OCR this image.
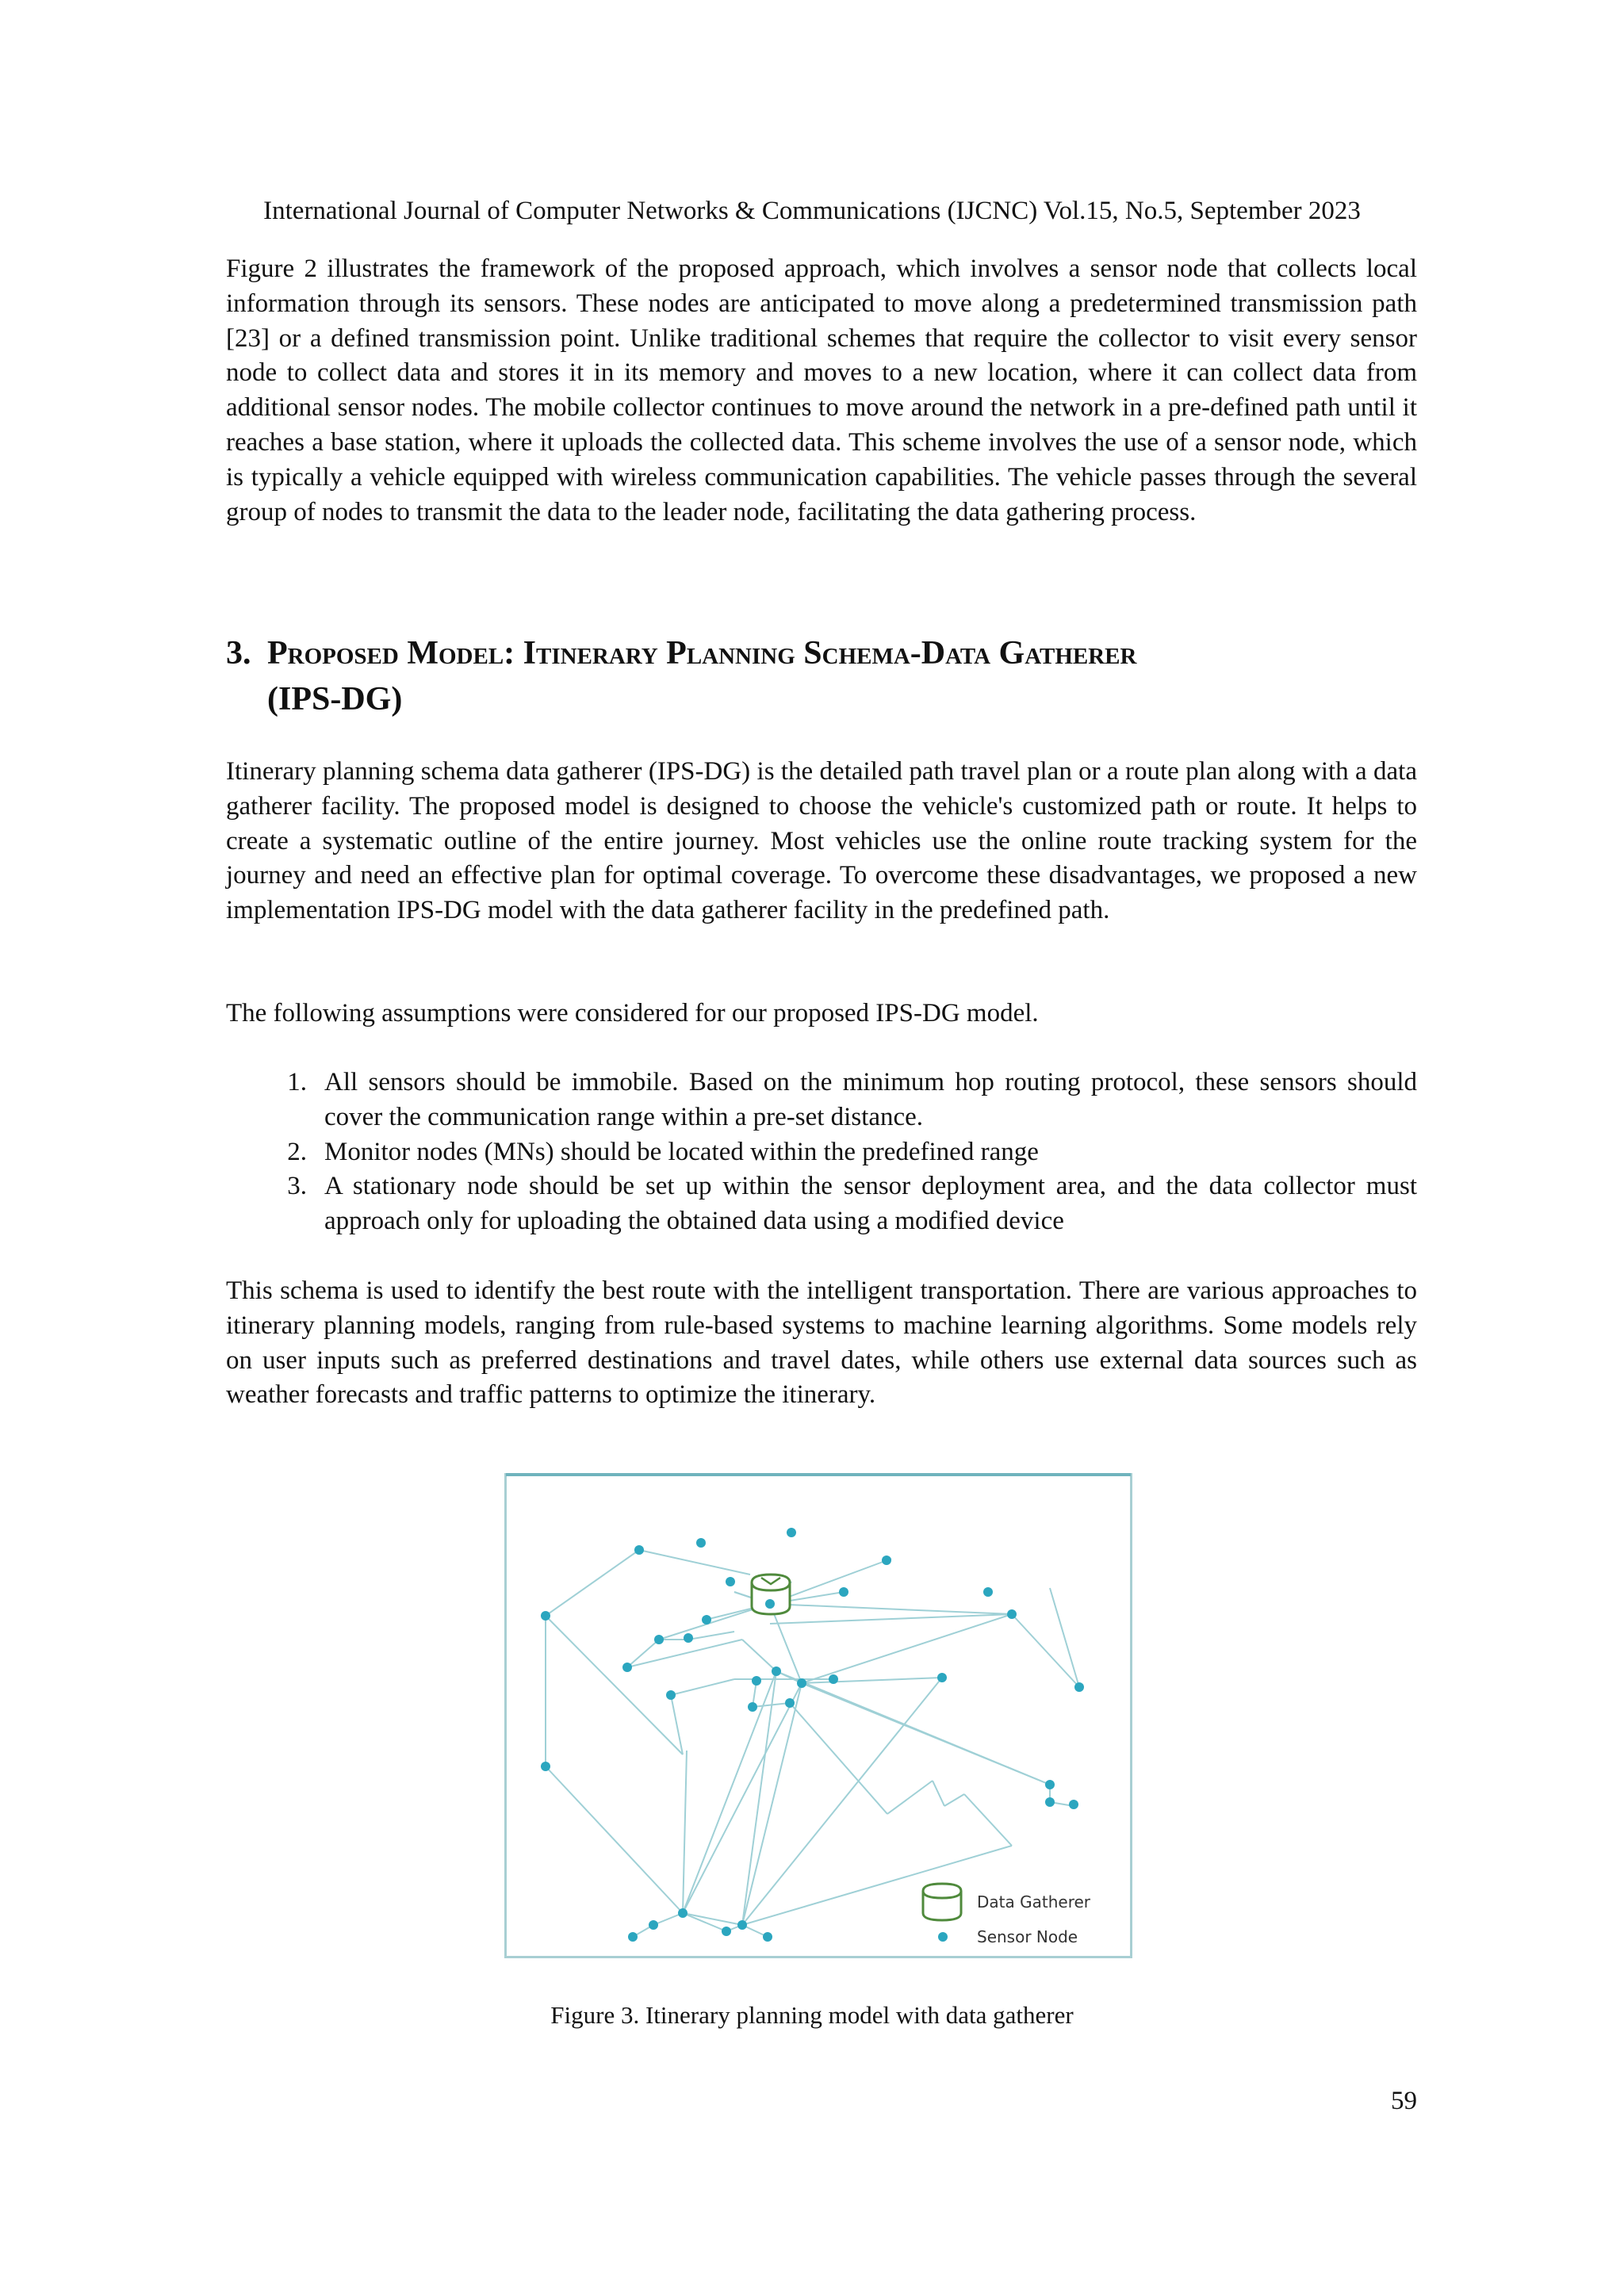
International Journal of Computer Networks & Communications (IJCNC) Vol.15, No.5, September 2023

Figure 2 illustrates the framework of the proposed approach, which involves a sensor node that collects local information through its sensors. These nodes are anticipated to move along a predetermined transmission path [23] or a defined transmission point. Unlike traditional schemes that require the collector to visit every sensor node to collect data and stores it in its memory and moves to a new location, where it can collect data from additional sensor nodes. The mobile collector continues to move around the network in a pre-defined path until it reaches a base station, where it uploads the collected data. This scheme involves the use of a sensor node, which is typically a vehicle equipped with wireless communication capabilities. The vehicle passes through the several group of nodes to transmit the data to the leader node, facilitating the data gathering process.

3. Proposed Model: Itinerary Planning Schema-Data Gatherer
(IPS-DG)

Itinerary planning schema data gatherer (IPS-DG) is the detailed path travel plan or a route plan along with a data gatherer facility. The proposed model is designed to choose the vehicle's customized path or route. It helps to create a systematic outline of the entire journey. Most vehicles use the online route tracking system for the journey and need an effective plan for optimal coverage. To overcome these disadvantages, we proposed a new implementation IPS-DG model with the data gatherer facility in the predefined path.

The following assumptions were considered for our proposed IPS-DG model.

1. All sensors should be immobile. Based on the minimum hop routing protocol, these sensors should cover the communication range within a pre-set distance.
2. Monitor nodes (MNs) should be located within the predefined range
3. A stationary node should be set up within the sensor deployment area, and the data collector must approach only for uploading the obtained data using a modified device

This schema is used to identify the best route with the intelligent transportation. There are various approaches to itinerary planning models, ranging from rule-based systems to machine learning algorithms. Some models rely on user inputs such as preferred destinations and travel dates, while others use external data sources such as weather forecasts and traffic patterns to optimize the itinerary.

Data Gatherer
Sensor Node
Figure 3. Itinerary planning model with data gatherer
59
